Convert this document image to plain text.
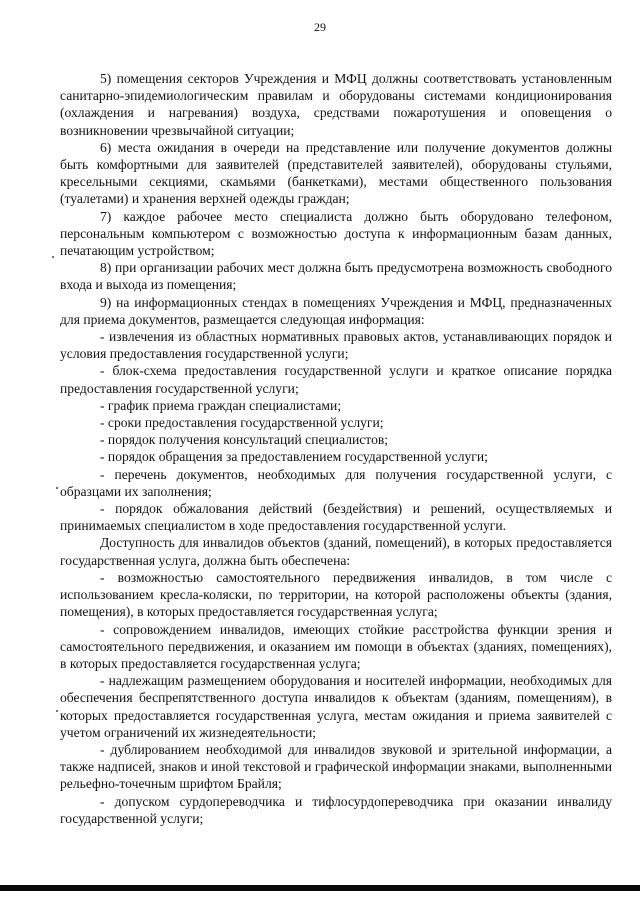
29

5) помещения секторов Учреждения и МФЦ должны соответствовать установленным санитарно-эпидемиологическим правилам и оборудованы системами кондиционирования (охлаждения и нагревания) воздуха, средствами пожаротушения и оповещения о возникновении чрезвычайной ситуации;

6) места ожидания в очереди на представление или получение документов должны быть комфортными для заявителей (представителей заявителей), оборудованы стульями, кресельными секциями, скамьями (банкетками), местами общественного пользования (туалетами) и хранения верхней одежды граждан;

7) каждое рабочее место специалиста должно быть оборудовано телефоном, персональным компьютером с возможностью доступа к информационным базам данных, печатающим устройством;

8) при организации рабочих мест должна быть предусмотрена возможность свободного входа и выхода из помещения;

9) на информационных стендах в помещениях Учреждения и МФЦ, предназначенных для приема документов, размещается следующая информация:

- извлечения из областных нормативных правовых актов, устанавливающих порядок и условия предоставления государственной услуги;

- блок-схема предоставления государственной услуги и краткое описание порядка предоставления государственной услуги;

- график приема граждан специалистами;

- сроки предоставления государственной услуги;

- порядок получения консультаций специалистов;

- порядок обращения за предоставлением государственной услуги;

- перечень документов, необходимых для получения государственной услуги, с образцами их заполнения;

- порядок обжалования действий (бездействия) и решений, осуществляемых и принимаемых специалистом в ходе предоставления государственной услуги.

Доступность для инвалидов объектов (зданий, помещений), в которых предоставляется государственная услуга, должна быть обеспечена:

- возможностью самостоятельного передвижения инвалидов, в том числе с использованием кресла-коляски, по территории, на которой расположены объекты (здания, помещения), в которых предоставляется государственная услуга;

- сопровождением инвалидов, имеющих стойкие расстройства функции зрения и самостоятельного передвижения, и оказанием им помощи в объектах (зданиях, помещениях), в которых предоставляется государственная услуга;

- надлежащим размещением оборудования и носителей информации, необходимых для обеспечения беспрепятственного доступа инвалидов к объектам (зданиям, помещениям), в которых предоставляется государственная услуга, местам ожидания и приема заявителей с учетом ограничений их жизнедеятельности;

- дублированием необходимой для инвалидов звуковой и зрительной информации, а также надписей, знаков и иной текстовой и графической информации знаками, выполненными рельефно-точечным шрифтом Брайля;

- допуском сурдопереводчика и тифлосурдопереводчика при оказании инвалиду государственной услуги;
